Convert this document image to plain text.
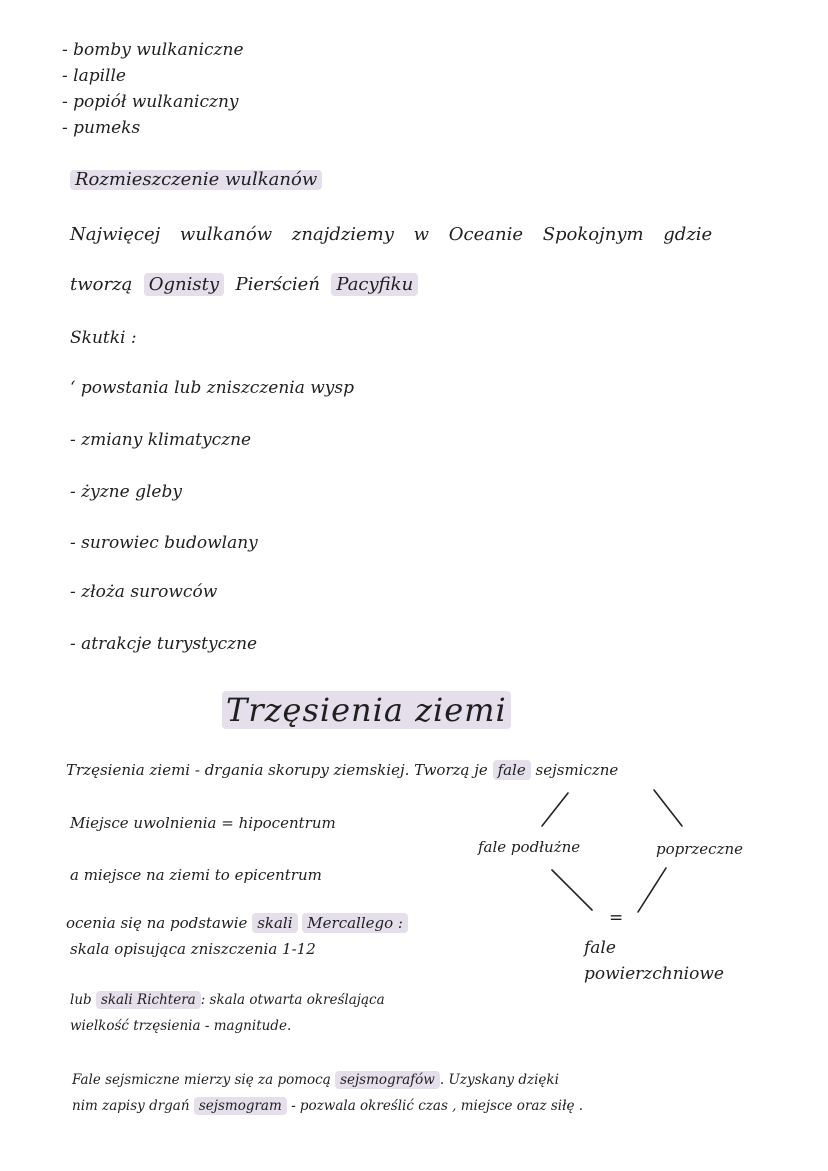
- bomby wulkaniczne
- lapille
- popiół wulkaniczny
- pumeks
Rozmieszczenie wulkanów
Najwięcej wulkanów znajdziemy w Oceanie Spokojnym gdzie
tworzą Ognisty Pierścień Pacyfiku
Skutki :
‘ powstania lub zniszczenia wysp
- zmiany klimatyczne
- żyzne gleby
- surowiec budowlany
- złoża surowców
- atrakcje turystyczne
Trzęsienia ziemi
Trzęsienia ziemi - drgania skorupy ziemskiej. Tworzą je fale sejsmiczne
Miejsce uwolnienia = hipocentrum
a miejsce na ziemi to epicentrum
fale podłużne	poprzeczne
=
fale
powierzchniowe
ocenia się na podstawie skali Mercallego :
skala opisująca zniszczenia 1-12
lub skali Richtera : skala otwarta określająca
wielkość trzęsienia - magnitude.
Fale sejsmiczne mierzy się za pomocą sejsmografów . Uzyskany dzięki
nim zapisy drgań sejsmogram - pozwala określić czas , miejsce oraz siłę .
